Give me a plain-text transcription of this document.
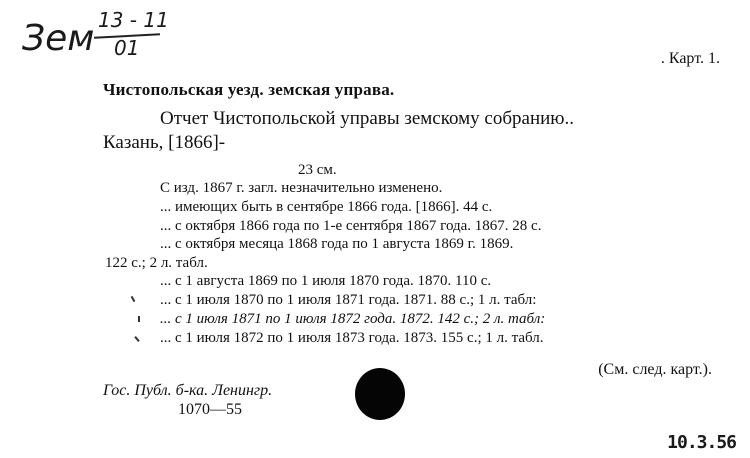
Зем 13 - 11
01	. Карт. 1.
Чистопольская уезд. земская управа.
Отчет Чистопольской управы земскому собранию..
Казань, [1866]-
23 см.
С изд. 1867 г. загл. незначительно изменено.
... имеющих быть в сентябре 1866 года. [1866]. 44 с.
... с октября 1866 года по 1-е сентября 1867 года. 1867. 28 с.
... с октября месяца 1868 года по 1 августа 1869 г. 1869.
122 с.; 2 л. табл.
... с 1 августа 1869 по 1 июля 1870 года. 1870. 110 с.
... с 1 июля 1870 по 1 июля 1871 года. 1871. 88 с.; 1 л. табл:
... с 1 июля 1871 по 1 июля 1872 года. 1872. 142 с.; 2 л. табл:
... с 1 июля 1872 по 1 июля 1873 года. 1873. 155 с.; 1 л. табл.
(См. след. карт.).
Гос. Публ. б-ка. Ленингр.
1070—55
10.3.56
